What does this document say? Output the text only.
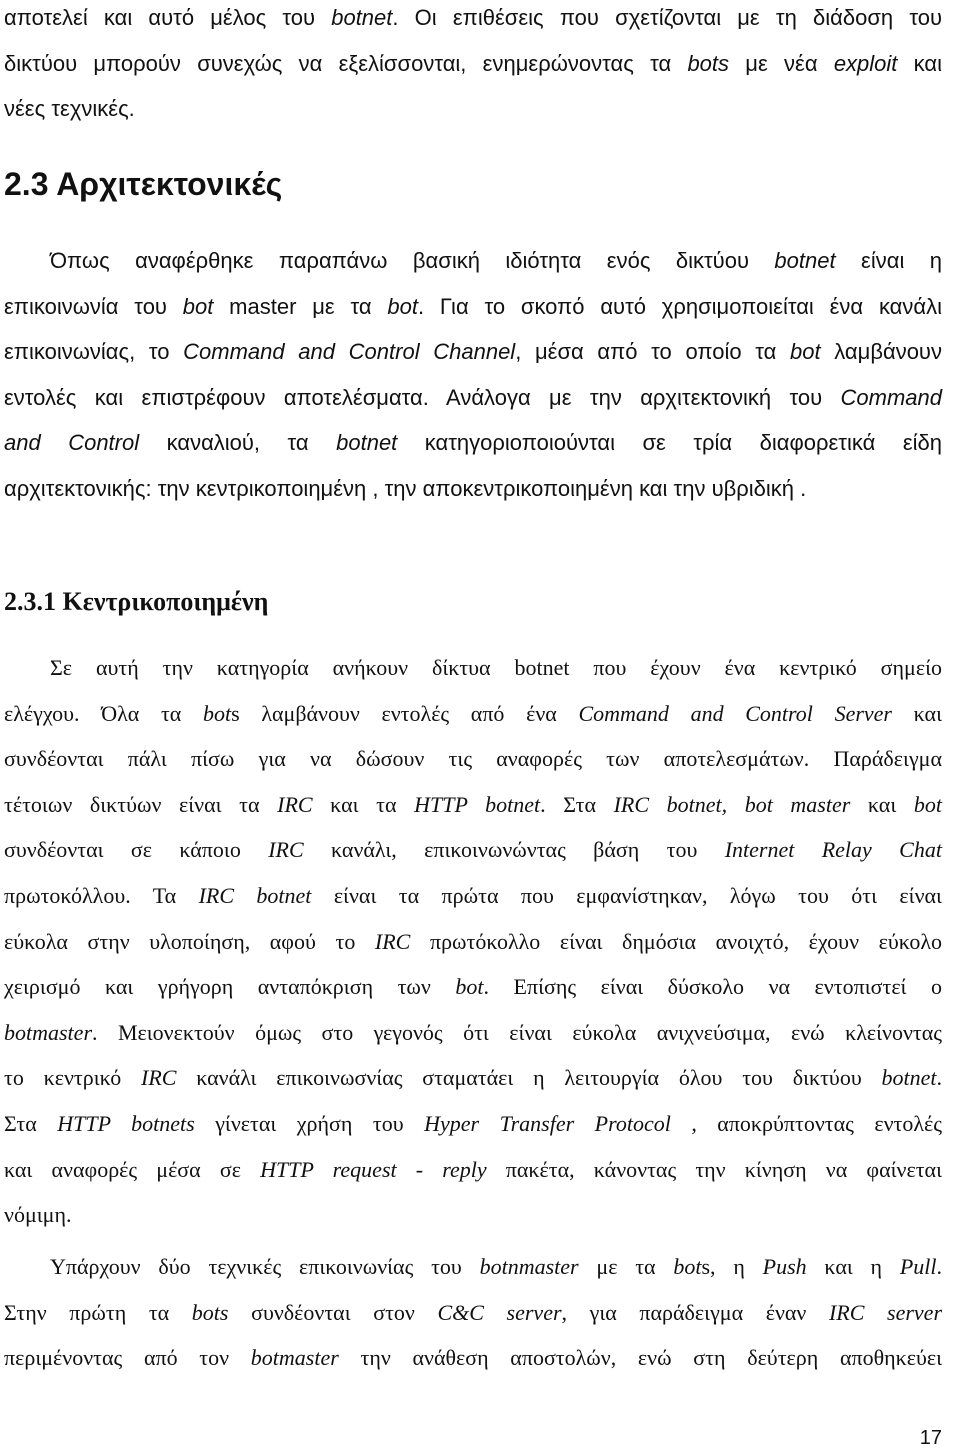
αποτελεί και αυτό μέλος του botnet. Οι επιθέσεις που σχετίζονται με τη διάδοση του
δικτύου μπορούν συνεχώς να εξελίσσονται, ενημερώνοντας τα bots με νέα exploit και
νέες τεχνικές.
2.3 Αρχιτεκτονικές
Όπως αναφέρθηκε παραπάνω βασική ιδιότητα ενός δικτύου botnet είναι η
επικοινωνία του bot master με τα bot. Για το σκοπό αυτό χρησιμοποιείται ένα κανάλι
επικοινωνίας, το Command and Control Channel, μέσα από το οποίο τα bot λαμβάνουν
εντολές και επιστρέφουν αποτελέσματα. Ανάλογα με την αρχιτεκτονική του Command
and Control καναλιού, τα botnet κατηγοριοποιούνται σε τρία διαφορετικά είδη
αρχιτεκτονικής: την κεντρικοποιημένη , την αποκεντρικοποιημένη και την υβριδική .
2.3.1 Κεντρικοποιημένη
Σε αυτή την κατηγορία ανήκουν δίκτυα botnet που έχουν ένα κεντρικό σημείο
ελέγχου. Όλα τα bots λαμβάνουν εντολές από ένα Command and Control Server και
συνδέονται πάλι πίσω για να δώσουν τις αναφορές των αποτελεσμάτων. Παράδειγμα
τέτοιων δικτύων είναι τα IRC και τα HTTP botnet. Στα IRC botnet, bot master και bot
συνδέονται σε κάποιο IRC κανάλι, επικοινωνώντας βάση του Internet Relay Chat
πρωτοκόλλου. Τα IRC botnet είναι τα πρώτα που εμφανίστηκαν, λόγω του ότι είναι
εύκολα στην υλοποίηση, αφού το IRC πρωτόκολλο είναι δημόσια ανοιχτό, έχουν εύκολο
χειρισμό και γρήγορη ανταπόκριση των bot. Επίσης είναι δύσκολο να εντοπιστεί ο
botmaster. Μειονεκτούν όμως στο γεγονός ότι είναι εύκολα ανιχνεύσιμα, ενώ κλείνοντας
το κεντρικό IRC κανάλι επικοινωσνίας σταματάει η λειτουργία όλου του δικτύου botnet.
Στα HTTP botnets γίνεται χρήση του Hyper Transfer Protocol , αποκρύπτοντας εντολές
και αναφορές μέσα σε HTTP request - reply πακέτα, κάνοντας την κίνηση να φαίνεται
νόμιμη.
Υπάρχουν δύο τεχνικές επικοινωνίας του botnmaster με τα bots, η Push και η Pull.
Στην πρώτη τα bots συνδέονται στον C&C server, για παράδειγμα έναν IRC server
περιμένοντας από τον botmaster την ανάθεση αποστολών, ενώ στη δεύτερη αποθηκεύει
17
